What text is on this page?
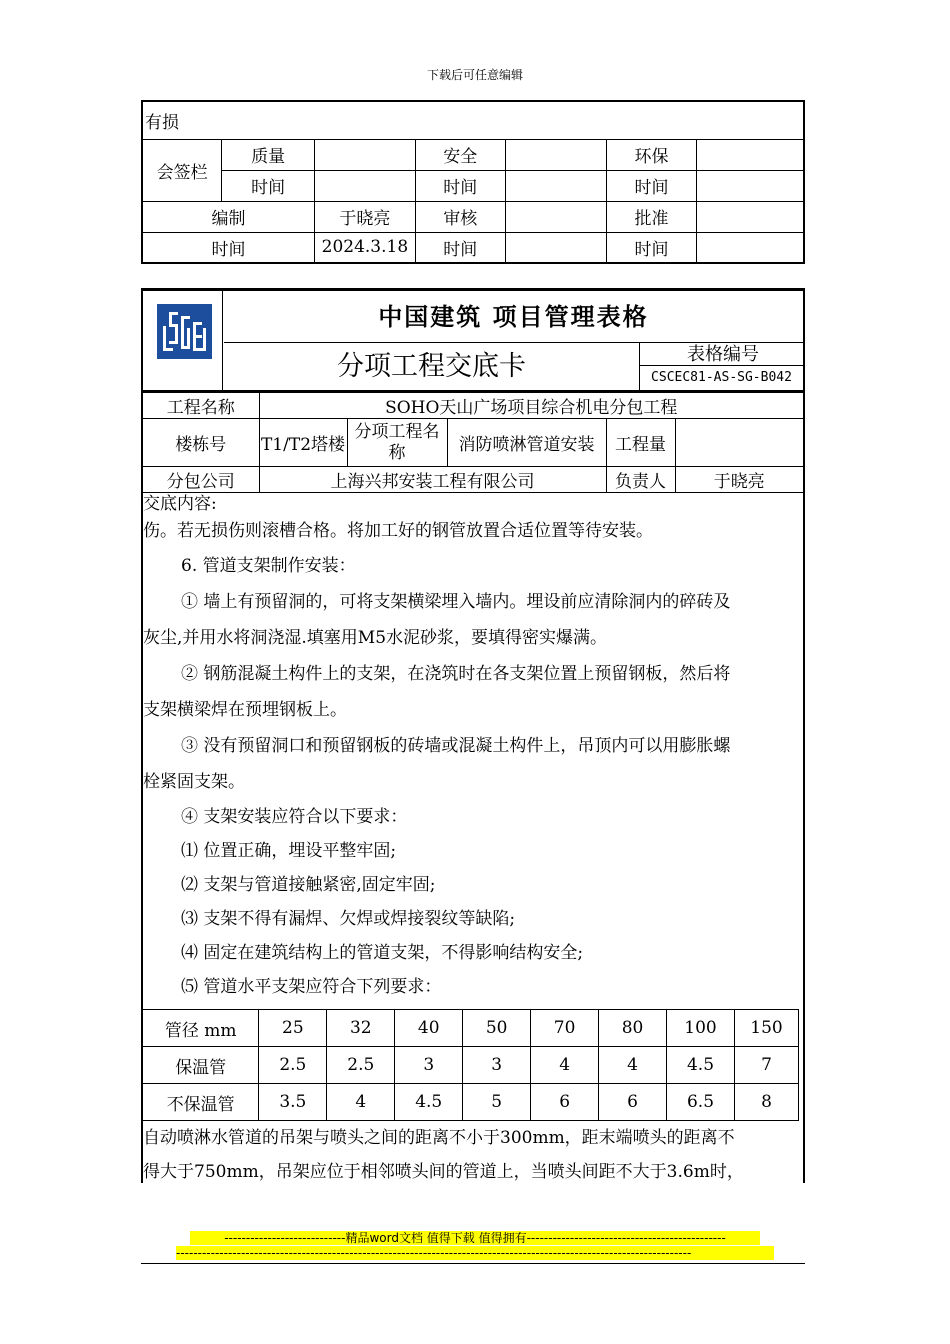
下载后可任意编辑
有损						
会签栏	质量		安全		环保	
	时间		时间		时间	
编制		于晓亮	审核		批准	
时间		2024.3.18	时间		时间	
中国建筑 项目管理表格
分项工程交底卡	表格编号
CSCEC81-AS-SG-B042
工程名称	SOHO天山广场项目综合机电分包工程				
楼栋号	T1/T2塔楼	分项工程名称	消防喷淋管道安装	工程量	
分包公司	上海兴邦安装工程有限公司			负责人	于晓亮
交底内容:
伤。若无损伤则滚槽合格。将加工好的钢管放置合适位置等待安装。
6. 管道支架制作安装：
① 墙上有预留洞的，可将支架横梁埋入墙内。埋设前应清除洞内的碎砖及
灰尘,并用水将洞浇湿.填塞用M5水泥砂浆，要填得密实爆满。
② 钢筋混凝土构件上的支架，在浇筑时在各支架位置上预留钢板，然后将
支架横梁焊在预埋钢板上。
③ 没有预留洞口和预留钢板的砖墙或混凝土构件上，吊顶内可以用膨胀螺
栓紧固支架。
④ 支架安装应符合以下要求：
⑴ 位置正确，埋设平整牢固;
⑵ 支架与管道接触紧密,固定牢固;
⑶ 支架不得有漏焊、欠焊或焊接裂纹等缺陷;
⑷ 固定在建筑结构上的管道支架，不得影响结构安全;
⑸ 管道水平支架应符合下列要求：
管径 mm	25	32	40	50	70	80	100	150
保温管	2.5	2.5	3	3	4	4	4.5	7
不保温管	3.5	4	4.5	5	6	6	6.5	8
自动喷淋水管道的吊架与喷头之间的距离不小于300mm，距末端喷头的距离不
得大于750mm，吊架应位于相邻喷头间的管道上，当喷头间距不大于3.6m时，
----------------------------精品word文档 值得下载 值得拥有----------------------------------------------
-----------------------------------------------------------------------------------------------------------------------
